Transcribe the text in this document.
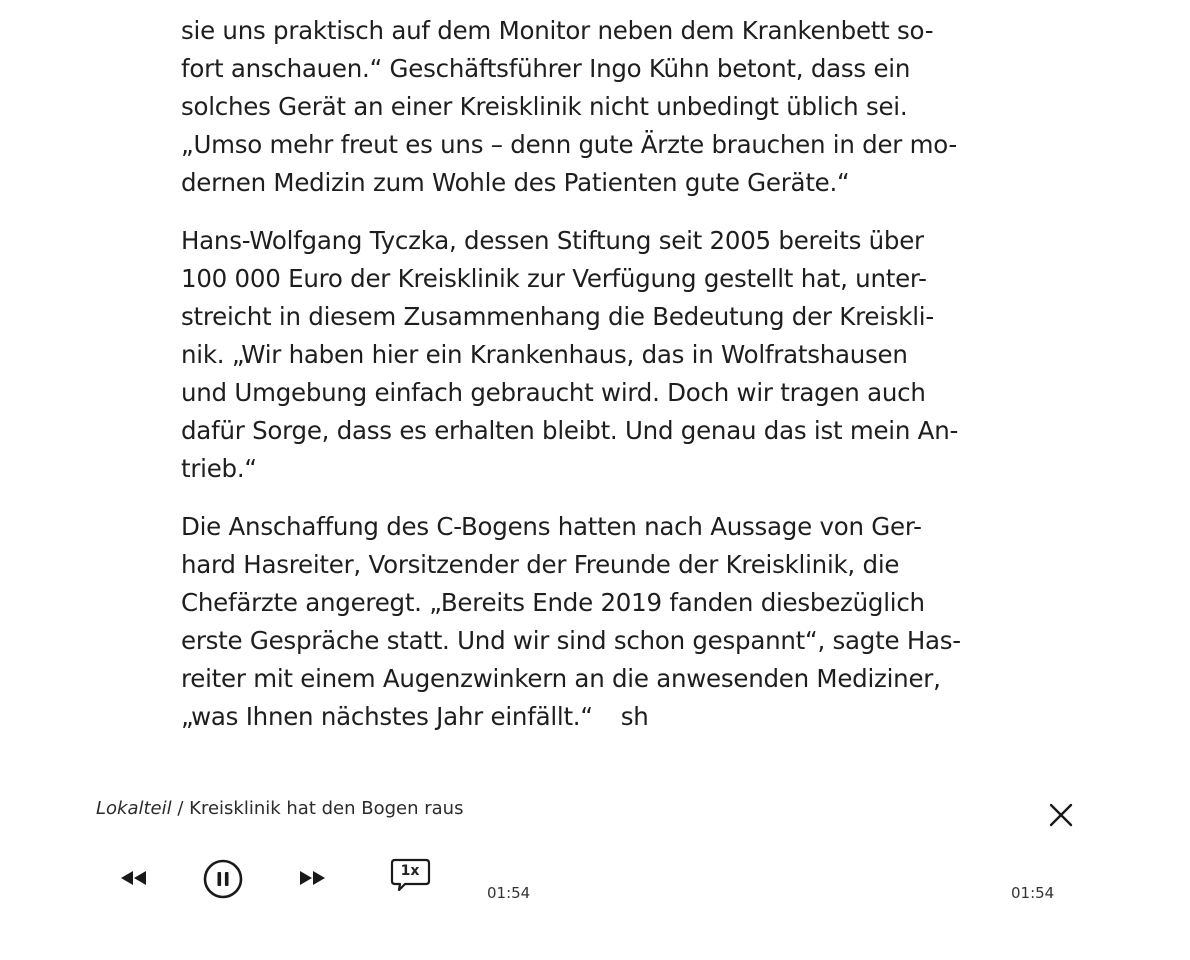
sie uns praktisch auf dem Monitor neben dem Krankenbett so-
fort anschauen.“ Geschäftsführer Ingo Kühn betont, dass ein
solches Gerät an einer Kreisklinik nicht unbedingt üblich sei.
„Umso mehr freut es uns – denn gute Ärzte brauchen in der mo-
dernen Medizin zum Wohle des Patienten gute Geräte.“

Hans-Wolfgang Tyczka, dessen Stiftung seit 2005 bereits über
100 000 Euro der Kreisklinik zur Verfügung gestellt hat, unter-
streicht in diesem Zusammenhang die Bedeutung der Kreiskli-
nik. „Wir haben hier ein Krankenhaus, das in Wolfratshausen
und Umgebung einfach gebraucht wird. Doch wir tragen auch
dafür Sorge, dass es erhalten bleibt. Und genau das ist mein An-
trieb.“

Die Anschaffung des C-Bogens hatten nach Aussage von Ger-
hard Hasreiter, Vorsitzender der Freunde der Kreisklinik, die
Chefärzte angeregt. „Bereits Ende 2019 fanden diesbezüglich
erste Gespräche statt. Und wir sind schon gespannt“, sagte Has-
reiter mit einem Augenzwinkern an die anwesenden Mediziner,
„was Ihnen nächstes Jahr einfällt.“ sh

Lokalteil / Kreisklinik hat den Bogen raus
1x
01:54	01:54
